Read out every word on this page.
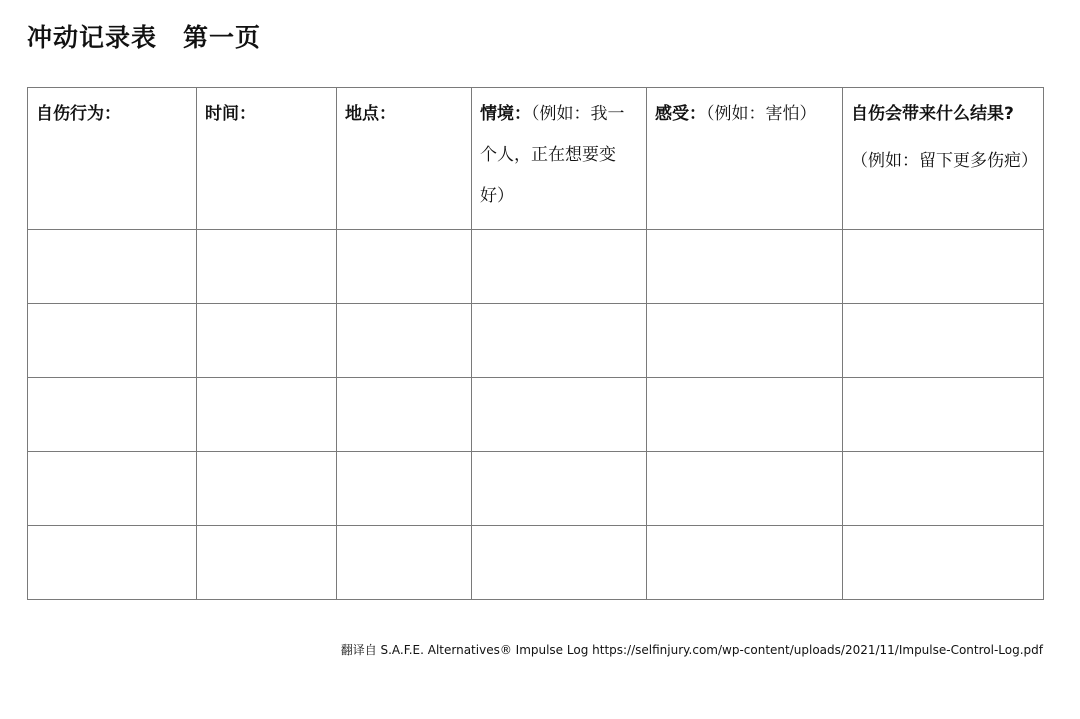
冲动记录表　第一页
自伤行为：	时间：	地点：	情境：（例如：我一个人，正在想要变好）	感受：（例如：害怕）	自伤会带来什么结果?
（例如：留下更多伤疤）

翻译自 S.A.F.E. Alternatives® Impulse Log https://selfinjury.com/wp-content/uploads/2021/11/Impulse-Control-Log.pdf
